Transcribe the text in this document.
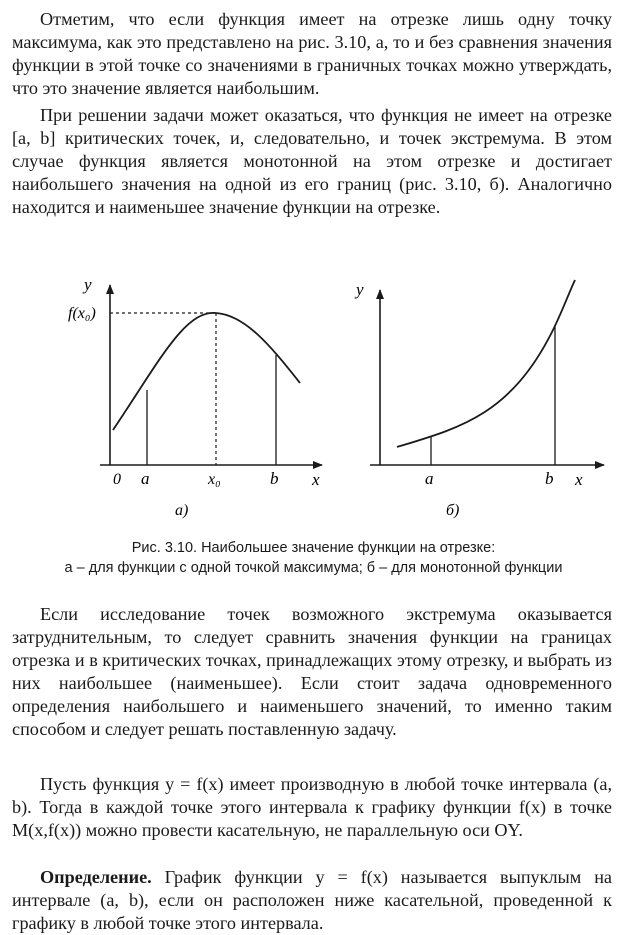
Отметим, что если функция имеет на отрезке лишь одну точку максимума, как это представлено на рис. 3.10, а, то и без сравнения значения функции в этой точке со значениями в граничных точках можно утверждать, что это значение является наибольшим.

При решении задачи может оказаться, что функция не имеет на отрезке [a, b] критических точек, и, следовательно, и точек экстремума. В этом случае функция является монотонной на этом отрезке и достигает наибольшего значения на одной из его границ (рис. 3.10, б). Аналогично находится и наименьшее значение функции на отрезке.

y
f(x₀)
0 a	x₀	b x
а)
y
a	b x
б)
Рис. 3.10. Наибольшее значение функции на отрезке:
а – для функции с одной точкой максимума; б – для монотонной функции

Если исследование точек возможного экстремума оказывается затруднительным, то следует сравнить значения функции на границах отрезка и в критических точках, принадлежащих этому отрезку, и выбрать из них наибольшее (наименьшее). Если стоит задача одновременного определения наибольшего и наименьшего значений, то именно таким способом и следует решать поставленную задачу.

Пусть функция y = f(x) имеет производную в любой точке интервала (a, b). Тогда в каждой точке этого интервала к графику функции f(x) в точке M(x,f(x)) можно провести касательную, не параллельную оси OY.

Определение. График функции y = f(x) называется выпуклым на интервале (a, b), если он расположен ниже касательной, проведенной к графику в любой точке этого интервала.
